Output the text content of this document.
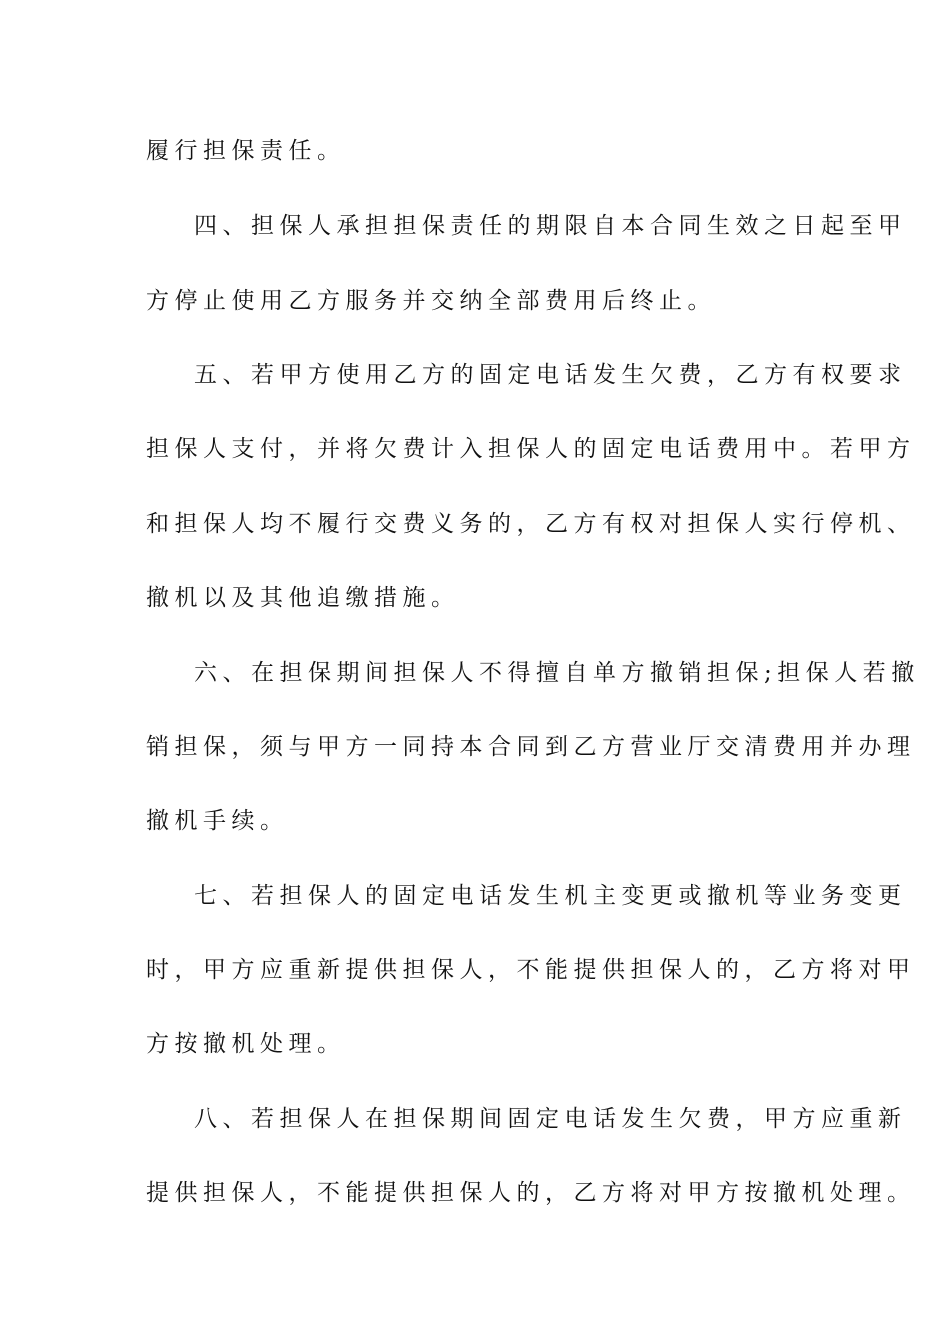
履行担保责任。
四、担保人承担担保责任的期限自本合同生效之日起至甲
方停止使用乙方服务并交纳全部费用后终止。
五、若甲方使用乙方的固定电话发生欠费，乙方有权要求
担保人支付，并将欠费计入担保人的固定电话费用中。若甲方
和担保人均不履行交费义务的，乙方有权对担保人实行停机、
撤机以及其他追缴措施。
六、在担保期间担保人不得擅自单方撤销担保;担保人若撤
销担保，须与甲方一同持本合同到乙方营业厅交清费用并办理
撤机手续。
七、若担保人的固定电话发生机主变更或撤机等业务变更
时，甲方应重新提供担保人，不能提供担保人的，乙方将对甲
方按撤机处理。
八、若担保人在担保期间固定电话发生欠费，甲方应重新
提供担保人，不能提供担保人的，乙方将对甲方按撤机处理。
